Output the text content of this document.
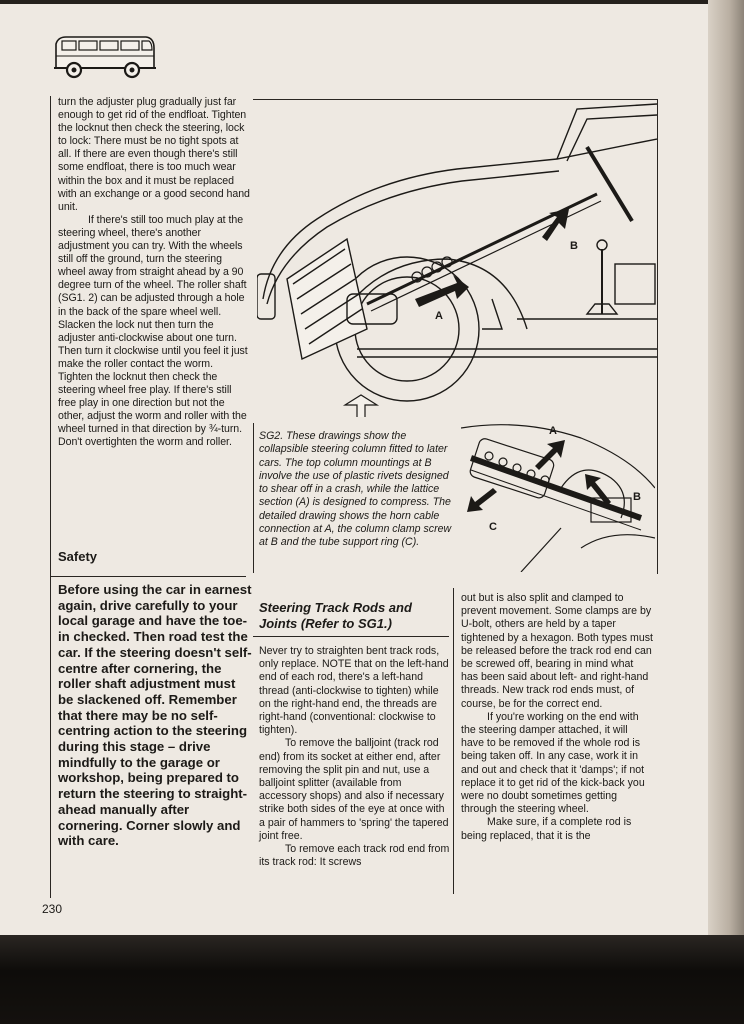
turn the adjuster plug gradually just far enough to get rid of the endfloat. Tighten the locknut then check the steering, lock to lock: There must be no tight spots at all. If there are even though there's still some endfloat, there is too much wear within the box and it must be replaced with an exchange or a good second hand unit.

If there's still too much play at the steering wheel, there's another adjustment you can try. With the wheels still off the ground, turn the steering wheel away from straight ahead by a 90 degree turn of the wheel. The roller shaft (SG1. 2) can be adjusted through a hole in the back of the spare wheel well. Slacken the lock nut then turn the adjuster anti-clockwise about one turn. Then turn it clockwise until you feel it just make the roller contact the worm. Tighten the locknut then check the steering wheel free play. If there's still free play in one direction but not the other, adjust the worm and roller with the wheel turned in that direction by ¾-turn. Don't overtighten the worm and roller.

Safety

Before using the car in earnest again, drive carefully to your local garage and have the toe-in checked. Then road test the car. If the steering doesn't self-centre after cornering, the roller shaft adjustment must be slackened off. Remember that there may be no self-centring action to the steering during this stage – drive mindfully to the garage or workshop, being prepared to return the steering to straight-ahead manually after cornering. Corner slowly and with care.

230

A
B
A
B
C

SG2. These drawings show the collapsible steering column fitted to later cars. The top column mountings at B involve the use of plastic rivets designed to shear off in a crash, while the lattice section (A) is designed to compress. The detailed drawing shows the horn cable connection at A, the column clamp screw at B and the tube support ring (C).

Steering Track Rods and Joints (Refer to SG1.)

Never try to straighten bent track rods, only replace. NOTE that on the left-hand end of each rod, there's a left-hand thread (anti-clockwise to tighten) while on the right-hand end, the threads are right-hand (conventional: clockwise to tighten).

To remove the balljoint (track rod end) from its socket at either end, after removing the split pin and nut, use a balljoint splitter (available from accessory shops) and also if necessary strike both sides of the eye at once with a pair of hammers to 'spring' the tapered joint free.

To remove each track rod end from its track rod: It screws

out but is also split and clamped to prevent movement. Some clamps are by U-bolt, others are held by a taper tightened by a hexagon. Both types must be released before the track rod end can be screwed off, bearing in mind what has been said about left- and right-hand threads. New track rod ends must, of course, be for the correct end.

If you're working on the end with the steering damper attached, it will have to be removed if the whole rod is being taken off. In any case, work it in and out and check that it 'damps'; if not replace it to get rid of the kick-back you were no doubt sometimes getting through the steering wheel.

Make sure, if a complete rod is being replaced, that it is the
